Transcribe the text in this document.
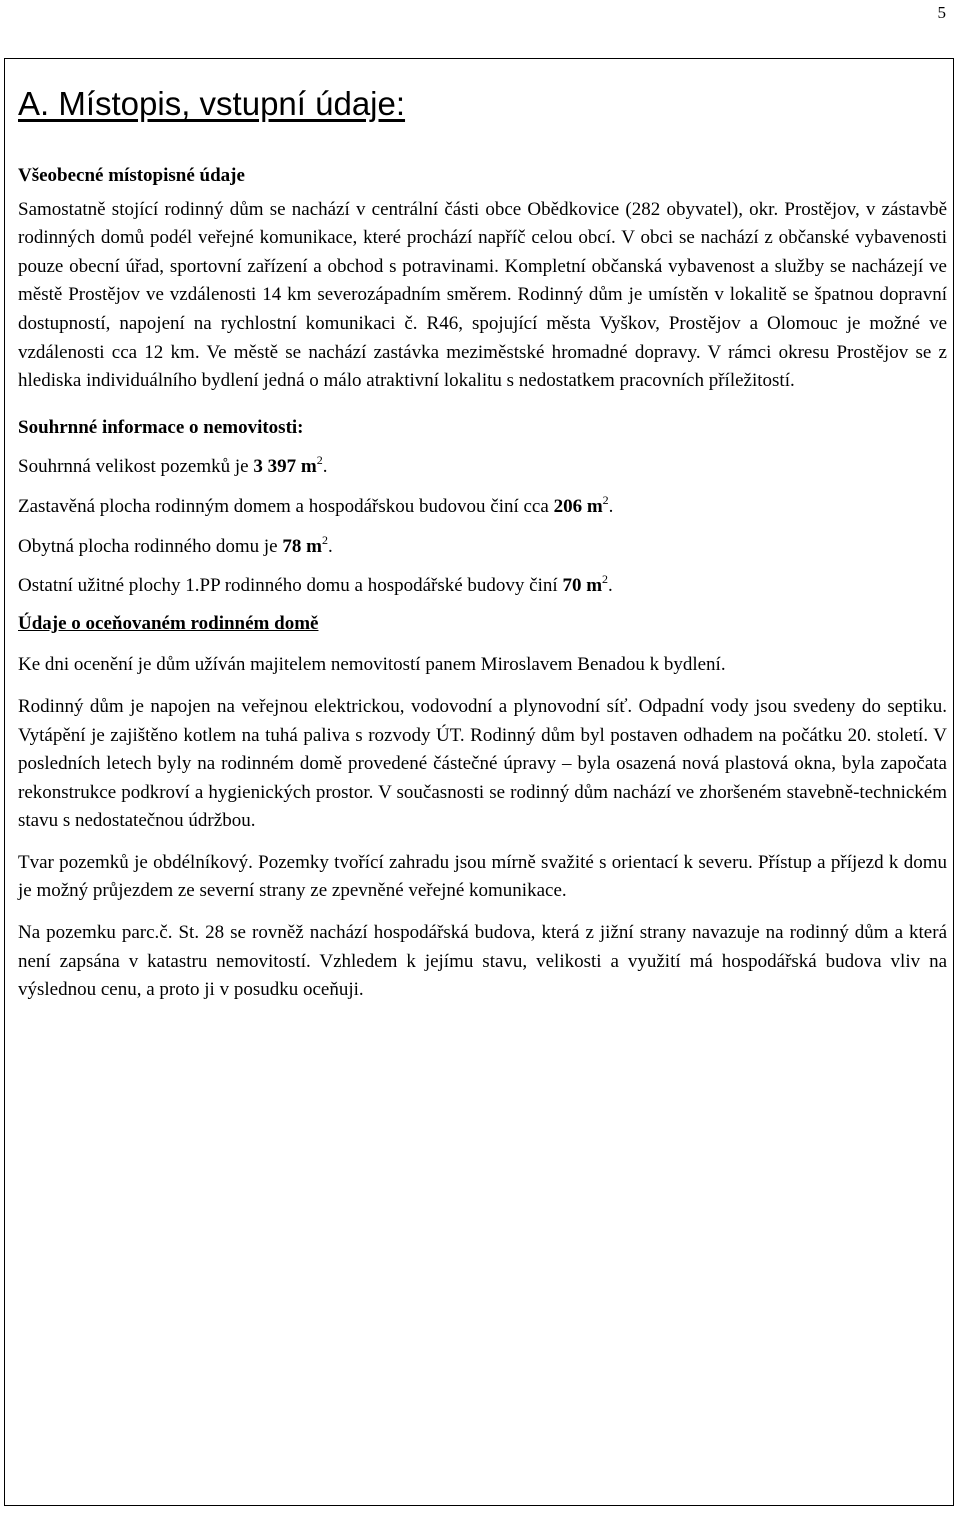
5
A. Místopis, vstupní údaje:
Všeobecné místopisné údaje

Samostatně stojící rodinný dům se nachází v centrální části obce Obědkovice (282 obyvatel), okr. Prostějov, v zástavbě rodinných domů podél veřejné komunikace, které prochází napříč celou obcí. V obci se nachází z občanské vybavenosti pouze obecní úřad, sportovní zařízení a obchod s potravinami. Kompletní občanská vybavenost a služby se nacházejí ve městě Prostějov ve vzdálenosti 14 km severozápadním směrem. Rodinný dům je umístěn v lokalitě se špatnou dopravní dostupností, napojení na rychlostní komunikaci č. R46, spojující města Vyškov, Prostějov a Olomouc je možné ve vzdálenosti cca 12 km. Ve městě se nachází zastávka meziměstské hromadné dopravy. V rámci okresu Prostějov se z hlediska individuálního bydlení jedná o málo atraktivní lokalitu s nedostatkem pracovních příležitostí.

Souhrnné informace o nemovitosti:
Souhrnná velikost pozemků je 3 397 $m^2$.
Zastavěná plocha rodinným domem a hospodářskou budovou činí cca 206 $m^2$.
Obytná plocha rodinného domu je 78 $m^2$.
Ostatní užitné plochy 1.PP rodinného domu a hospodářské budovy činí 70 $m^2$.
Údaje o oceňovaném rodinném domě

Ke dni ocenění je dům užíván majitelem nemovitostí panem Miroslavem Benadou k bydlení.

Rodinný dům je napojen na veřejnou elektrickou, vodovodní a plynovodní síť. Odpadní vody jsou svedeny do septiku. Vytápění je zajištěno kotlem na tuhá paliva s rozvody ÚT. Rodinný dům byl postaven odhadem na počátku 20. století. V posledních letech byly na rodinném domě provedené částečné úpravy – byla osazená nová plastová okna, byla započata rekonstrukce podkroví a hygienických prostor. V současnosti se rodinný dům nachází ve zhoršeném stavebně-technickém stavu s nedostatečnou údržbou.

Tvar pozemků je obdélníkový. Pozemky tvořící zahradu jsou mírně svažité s orientací k severu. Přístup a příjezd k domu je možný průjezdem ze severní strany ze zpevněné veřejné komunikace.

Na pozemku parc.č. St. 28 se rovněž nachází hospodářská budova, která z jižní strany navazuje na rodinný dům a která není zapsána v katastru nemovitostí. Vzhledem k jejímu stavu, velikosti a využití má hospodářská budova vliv na výslednou cenu, a proto ji v posudku oceňuji.
